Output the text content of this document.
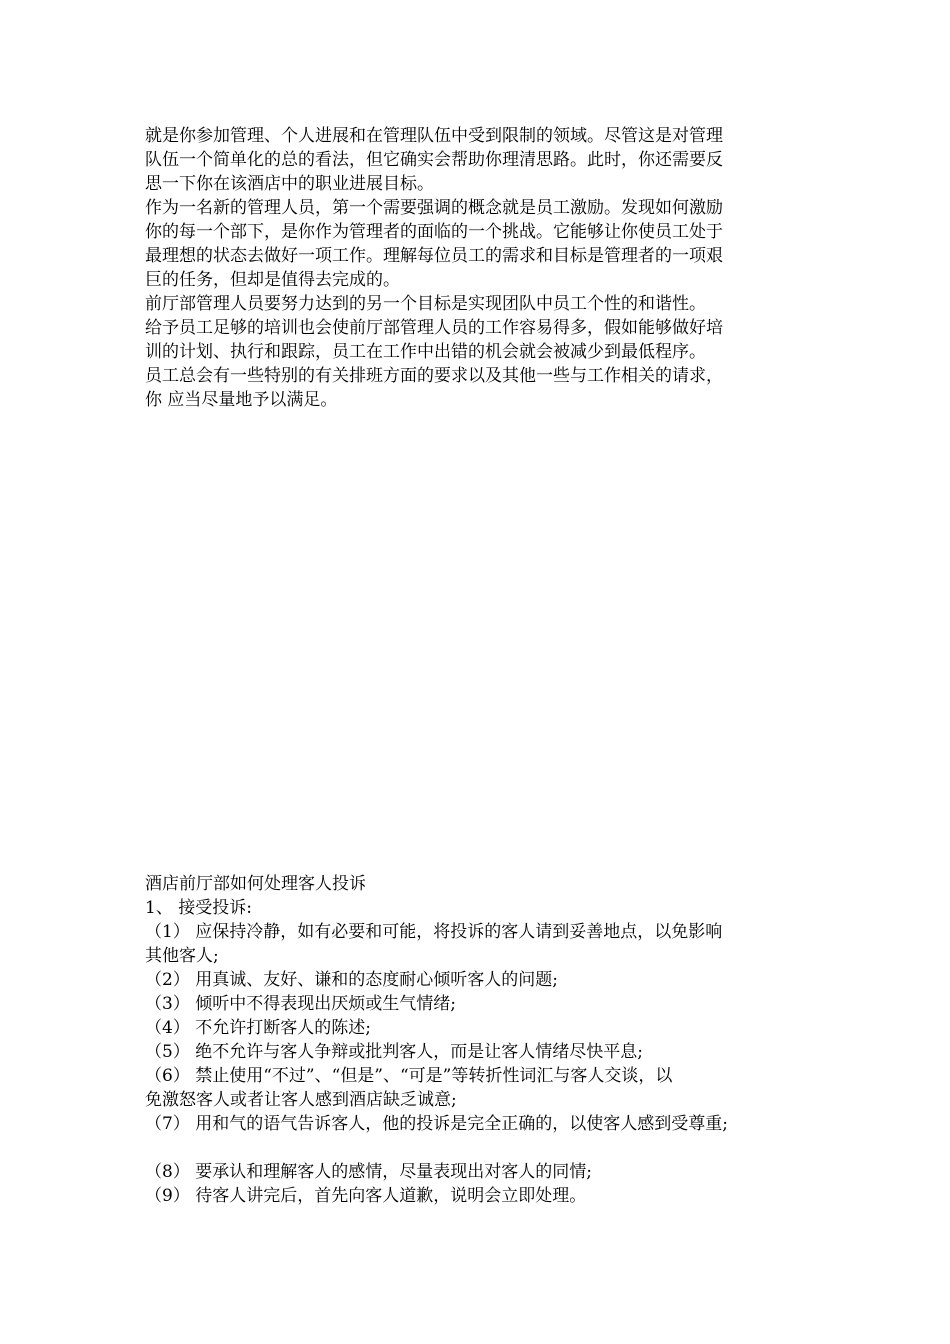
就是你参加管理、个人进展和在管理队伍中受到限制的领域。尽管这是对管理
队伍一个简单化的总的看法，但它确实会帮助你理清思路。此时，你还需要反
思一下你在该酒店中的职业进展目标。
作为一名新的管理人员，第一个需要强调的概念就是员工激励。发现如何激励
你的每一个部下，是你作为管理者的面临的一个挑战。它能够让你使员工处于
最理想的状态去做好一项工作。理解每位员工的需求和目标是管理者的一项艰
巨的任务，但却是值得去完成的。
前厅部管理人员要努力达到的另一个目标是实现团队中员工个性的和谐性。
给予员工足够的培训也会使前厅部管理人员的工作容易得多，假如能够做好培
训的计划、执行和跟踪，员工在工作中出错的机会就会被减少到最低程序。
员工总会有一些特别的有关排班方面的要求以及其他一些与工作相关的请求，
你 应当尽量地予以满足。
酒店前厅部如何处理客人投诉
1、 接受投诉:
（1） 应保持冷静，如有必要和可能，将投诉的客人请到妥善地点，以免影响
其他客人;
（2） 用真诚、友好、谦和的态度耐心倾听客人的问题;
（3） 倾听中不得表现出厌烦或生气情绪;
（4） 不允许打断客人的陈述;
（5） 绝不允许与客人争辩或批判客人，而是让客人情绪尽快平息;
（6） 禁止使用“不过”、“但是”、“可是”等转折性词汇与客人交谈，以
免激怒客人或者让客人感到酒店缺乏诚意;
（7） 用和气的语气告诉客人，他的投诉是完全正确的，以使客人感到受尊重;
（8） 要承认和理解客人的感情，尽量表现出对客人的同情;
（9） 待客人讲完后，首先向客人道歉，说明会立即处理。
